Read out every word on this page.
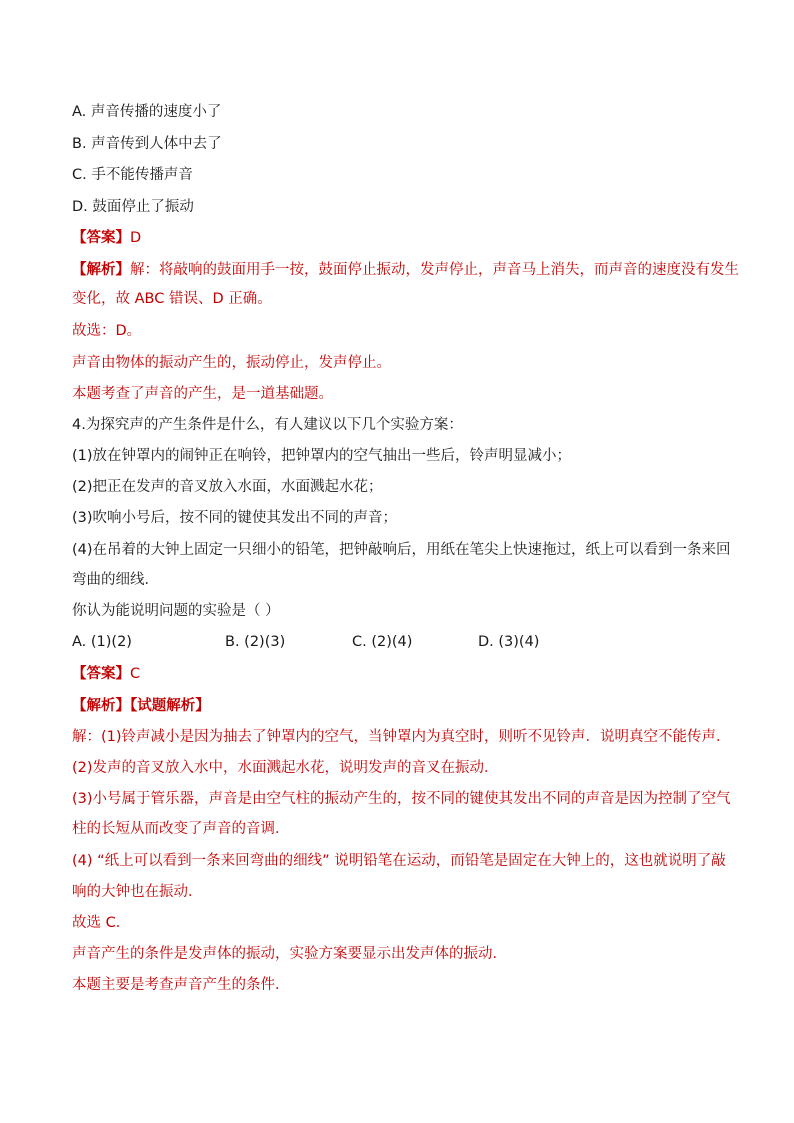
A. 声音传播的速度小了
B. 声音传到人体中去了
C. 手不能传播声音
D. 鼓面停止了振动
【答案】D
【解析】解：将敲响的鼓面用手一按，鼓面停止振动，发声停止，声音马上消失，而声音的速度没有发生
变化，故 ABC 错误、D 正确。
故选：D。
声音由物体的振动产生的，振动停止，发声停止。
本题考查了声音的产生，是一道基础题。
4.为探究声的产生条件是什么，有人建议以下几个实验方案：
(1)放在钟罩内的闹钟正在响铃，把钟罩内的空气抽出一些后，铃声明显减小；
(2)把正在发声的音叉放入水面，水面溅起水花；
(3)吹响小号后，按不同的键使其发出不同的声音；
(4)在吊着的大钟上固定一只细小的铅笔，把钟敲响后，用纸在笔尖上快速拖过，纸上可以看到一条来回
弯曲的细线．
你认为能说明问题的实验是（ ）
A. (1)(2)	B. (2)(3)	C. (2)(4)	D. (3)(4)
【答案】C
【解析】【试题解析】
解：(1)铃声减小是因为抽去了钟罩内的空气，当钟罩内为真空时，则听不见铃声．说明真空不能传声．
(2)发声的音叉放入水中，水面溅起水花，说明发声的音叉在振动．
(3)小号属于管乐器，声音是由空气柱的振动产生的，按不同的键使其发出不同的声音是因为控制了空气
柱的长短从而改变了声音的音调．
(4) “纸上可以看到一条来回弯曲的细线” 说明铅笔在运动，而铅笔是固定在大钟上的，这也就说明了敲
响的大钟也在振动．
故选 C．
声音产生的条件是发声体的振动，实验方案要显示出发声体的振动．
本题主要是考查声音产生的条件．
